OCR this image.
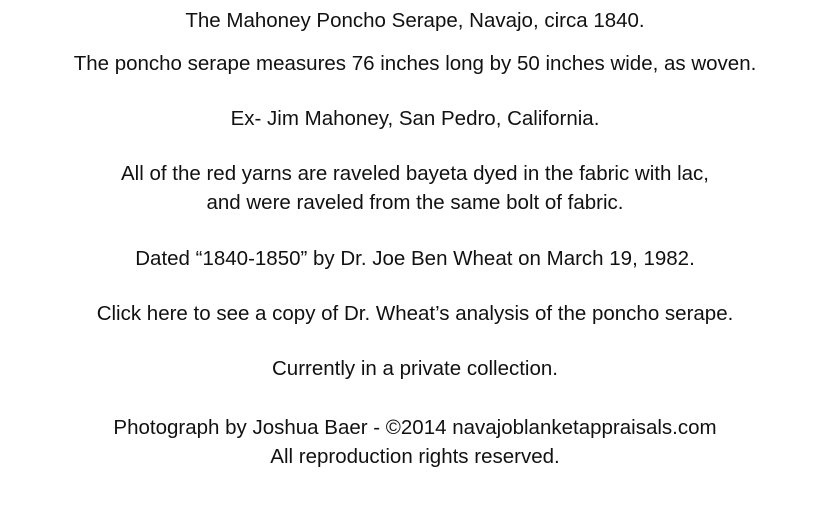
The Mahoney Poncho Serape, Navajo, circa 1840.
The poncho serape measures 76 inches long by 50 inches wide, as woven.
Ex- Jim Mahoney, San Pedro, California.
All of the red yarns are raveled bayeta dyed in the fabric with lac,
and were raveled from the same bolt of fabric.
Dated “1840-1850” by Dr. Joe Ben Wheat on March 19, 1982.
Click here to see a copy of Dr. Wheat’s analysis of the poncho serape.
Currently in a private collection.
Photograph by Joshua Baer - ©2014 navajoblanketappraisals.com
All reproduction rights reserved.
